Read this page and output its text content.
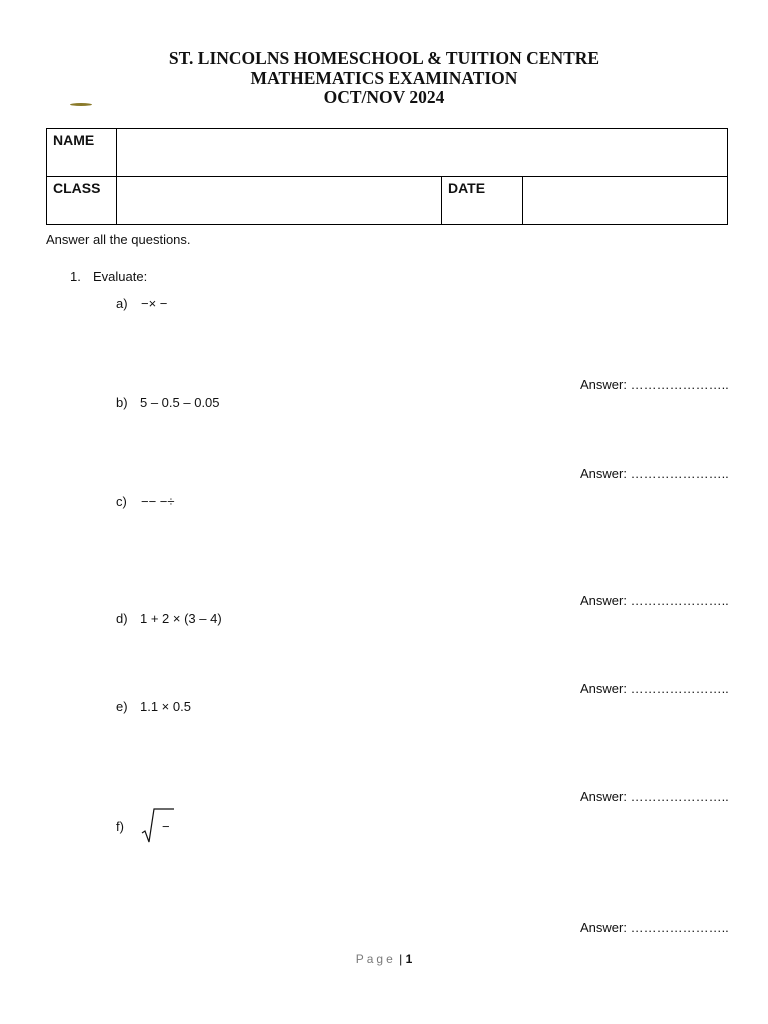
ST. LINCOLNS HOMESCHOOL & TUITION CENTRE
MATHEMATICS EXAMINATION
OCT/NOV 2024
NAME			
CLASS		DATE	
Answer all the questions.
1. Evaluate:
a) −× −
Answer: …………………..
b) 5 – 0.5 – 0.05
Answer: …………………..
c) −− −÷
Answer: …………………..
d) 1 + 2 × (3 – 4)
Answer: …………………..
e) 1.1 × 0.5
Answer: …………………..
f)	−
Answer: …………………..
Page | 1
